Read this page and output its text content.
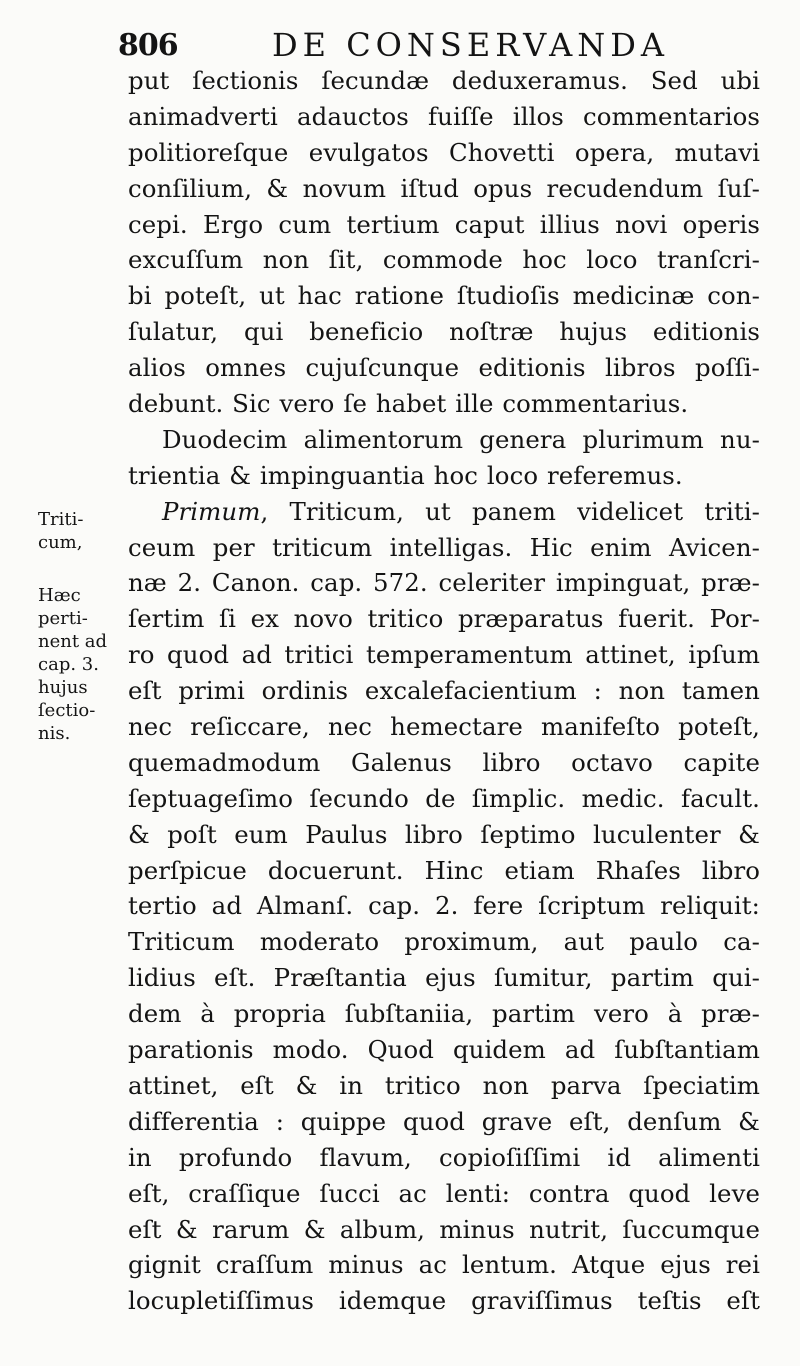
806	DE CONSERVANDA
Triti-
cum,
Hæc
perti-
nent ad
cap. 3.
hujus
ſectio-
nis.
put ſectionis ſecundæ deduxeramus. Sed ubi
animadverti adauctos fuiſſe illos commentarios
politioreſque evulgatos Chovetti opera, mutavi
conſilium, & novum iſtud opus recudendum ſuſ-
cepi. Ergo cum tertium caput illius novi operis
excuſſum non ſit, commode hoc loco tranſcri-
bi poteſt, ut hac ratione ſtudioſis medicinæ con-
ſulatur, qui beneficio noſtræ hujus editionis
alios omnes cujuſcunque editionis libros poſſi-
debunt. Sic vero ſe habet ille commentarius.
Duodecim alimentorum genera plurimum nu-
trientia & impinguantia hoc loco referemus.
Primum, Triticum, ut panem videlicet triti-
ceum per triticum intelligas. Hic enim Avicen-
næ 2. Canon. cap. 572. celeriter impinguat, præ-
ſertim ſi ex novo tritico præparatus fuerit. Por-
ro quod ad tritici temperamentum attinet, ipſum
eſt primi ordinis excalefacientium : non tamen
nec reſiccare, nec hemectare manifeſto poteſt,
quemadmodum Galenus libro octavo capite
ſeptuageſimo ſecundo de ſimplic. medic. facult.
& poſt eum Paulus libro ſeptimo luculenter &
perſpicue docuerunt. Hinc etiam Rhaſes libro
tertio ad Almanſ. cap. 2. fere ſcriptum reliquit:
Triticum moderato proximum, aut paulo ca-
lidius eſt. Præſtantia ejus ſumitur, partim qui-
dem à propria ſubſtaniia, partim vero à præ-
parationis modo. Quod quidem ad ſubſtantiam
attinet, eſt & in tritico non parva ſpeciatim
differentia : quippe quod grave eſt, denſum &
in profundo flavum, copioſiſſimi id alimenti
eſt, craſſique ſucci ac lenti: contra quod leve
eſt & rarum & album, minus nutrit, ſuccumque
gignit craſſum minus ac lentum. Atque ejus rei
locupletiſſimus idemque graviſſimus teſtis eſt
